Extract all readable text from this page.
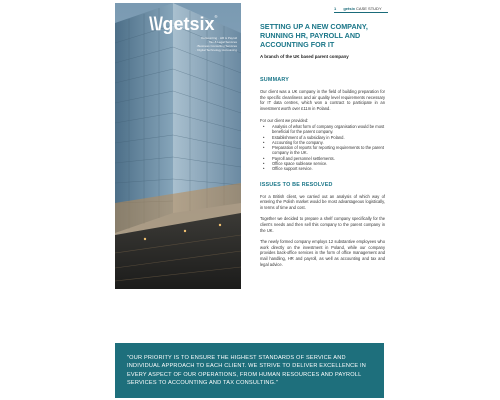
\\/getsix®
Outsourcing · HR & Payroll
· Tax & Legal Services
· Business Consulting Services
· Digital Technology Accounting
1 getsix CASE STUDY
SETTING UP A NEW COMPANY, RUNNING HR, PAYROLL AND ACCOUNTING FOR IT
A branch of the UK based parent company
SUMMARY
Our client was a UK company in the field of building preparation for the specific cleanliness and air quality level requirements necessary for IT data centres, which won a contract to participate in an investment worth over £11m in Poland.
For our client we provided:
• Analysis of what form of company organisation would be most beneficial for the parent company.
• Establishment of a subsidiary in Poland.
• Accounting for the company.
• Preparation of reports for reporting requirements to the parent company in the UK.
• Payroll and personnel settlements.
• Office space sublease service.
• Office support service.
ISSUES TO BE RESOLVED
For a British client, we carried out an analysis of which way of entering the Polish market would be most advantageous logistically, in terms of time and cost.
Together we decided to prepare a shelf company specifically for the client's needs and then sell this company to the parent company in the UK.
The newly formed company employs 12 substantive employees who work directly on the investment in Poland, while our company provides back-office services in the form of office management and mail handling, HR and payroll, as well as accounting and tax and legal advice.
"OUR PRIORITY IS TO ENSURE THE HIGHEST STANDARDS OF SERVICE AND INDIVIDUAL APPROACH TO EACH CLIENT. WE STRIVE TO DELIVER EXCELLENCE IN EVERY ASPECT OF OUR OPERATIONS, FROM HUMAN RESOURCES AND PAYROLL SERVICES TO ACCOUNTING AND TAX CONSULTING."
